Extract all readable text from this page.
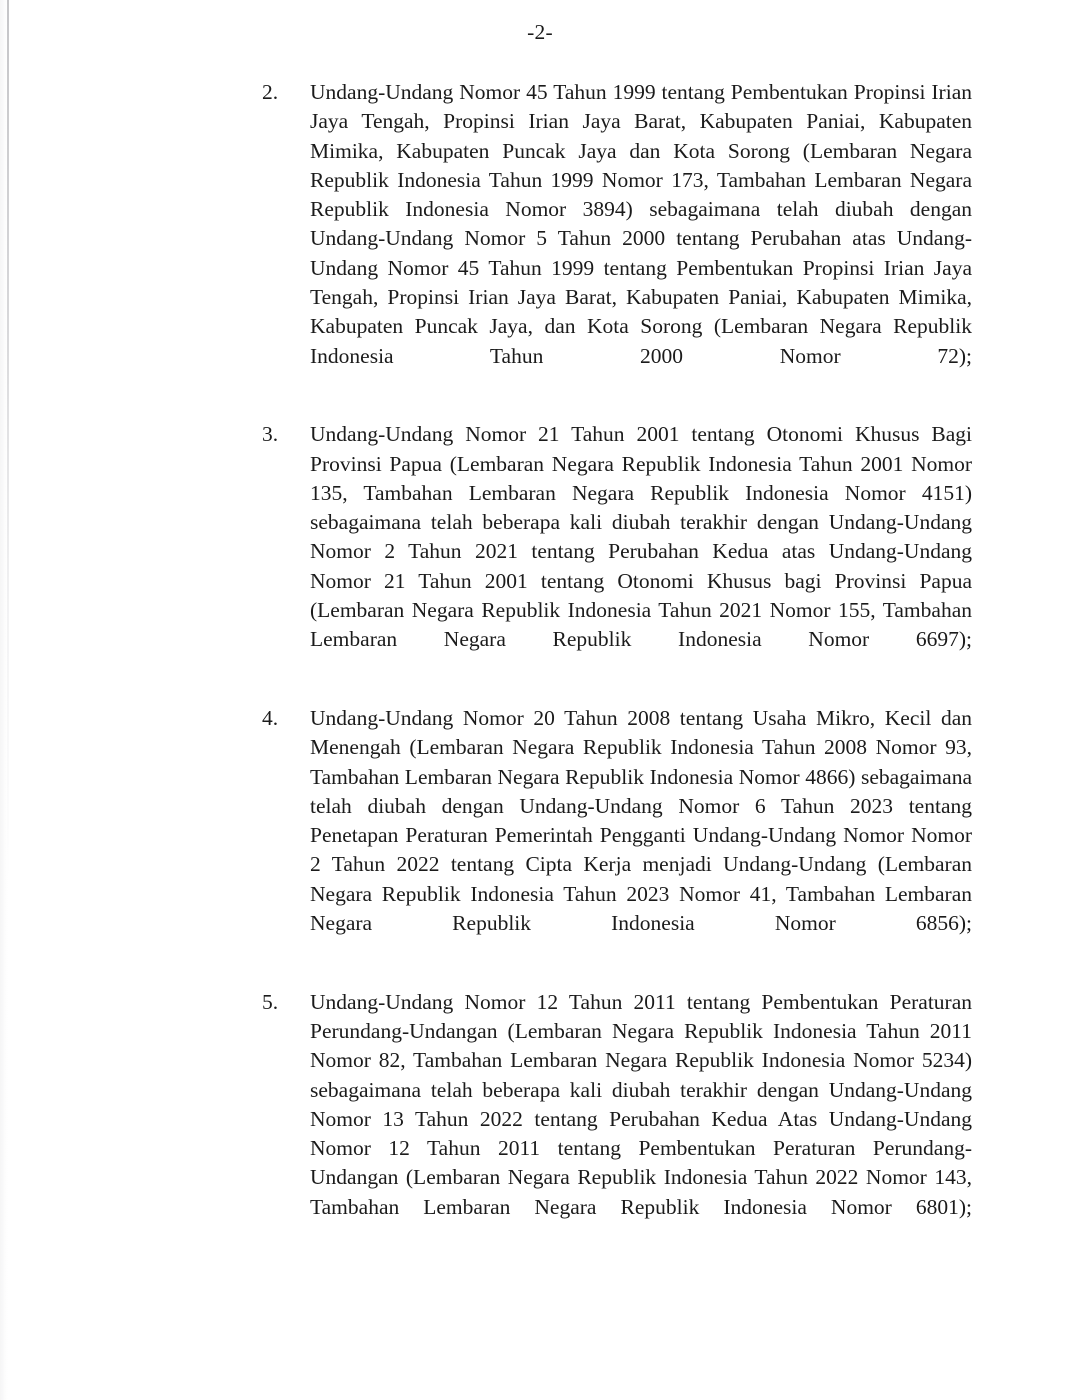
-2-
2.	Undang-Undang Nomor 45 Tahun 1999 tentang Pembentukan Propinsi Irian Jaya Tengah, Propinsi Irian Jaya Barat, Kabupaten Paniai, Kabupaten Mimika, Kabupaten Puncak Jaya dan Kota Sorong (Lembaran Negara Republik Indonesia Tahun 1999 Nomor 173, Tambahan Lembaran Negara Republik Indonesia Nomor 3894) sebagaimana telah diubah dengan Undang-Undang Nomor 5 Tahun 2000 tentang Perubahan atas Undang-Undang Nomor 45 Tahun 1999 tentang Pembentukan Propinsi Irian Jaya Tengah, Propinsi Irian Jaya Barat, Kabupaten Paniai, Kabupaten Mimika, Kabupaten Puncak Jaya, dan Kota Sorong (Lembaran Negara Republik Indonesia Tahun 2000 Nomor 72);
3.	Undang-Undang Nomor 21 Tahun 2001 tentang Otonomi Khusus Bagi Provinsi Papua (Lembaran Negara Republik Indonesia Tahun 2001 Nomor 135, Tambahan Lembaran Negara Republik Indonesia Nomor 4151) sebagaimana telah beberapa kali diubah terakhir dengan Undang-Undang Nomor 2 Tahun 2021 tentang Perubahan Kedua atas Undang-Undang Nomor 21 Tahun 2001 tentang Otonomi Khusus bagi Provinsi Papua (Lembaran Negara Republik Indonesia Tahun 2021 Nomor 155, Tambahan Lembaran Negara Republik Indonesia Nomor 6697);
4.	Undang-Undang Nomor 20 Tahun 2008 tentang Usaha Mikro, Kecil dan Menengah (Lembaran Negara Republik Indonesia Tahun 2008 Nomor 93, Tambahan Lembaran Negara Republik Indonesia Nomor 4866) sebagaimana telah diubah dengan Undang-Undang Nomor 6 Tahun 2023 tentang Penetapan Peraturan Pemerintah Pengganti Undang-Undang Nomor Nomor 2 Tahun 2022 tentang Cipta Kerja menjadi Undang-Undang (Lembaran Negara Republik Indonesia Tahun 2023 Nomor 41, Tambahan Lembaran Negara Republik Indonesia Nomor 6856);
5.	Undang-Undang Nomor 12 Tahun 2011 tentang Pembentukan Peraturan Perundang-Undangan (Lembaran Negara Republik Indonesia Tahun 2011 Nomor 82, Tambahan Lembaran Negara Republik Indonesia Nomor 5234) sebagaimana telah beberapa kali diubah terakhir dengan Undang-Undang Nomor 13 Tahun 2022 tentang Perubahan Kedua Atas Undang-Undang Nomor 12 Tahun 2011 tentang Pembentukan Peraturan Perundang-Undangan (Lembaran Negara Republik Indonesia Tahun 2022 Nomor 143, Tambahan Lembaran Negara Republik Indonesia Nomor 6801);
